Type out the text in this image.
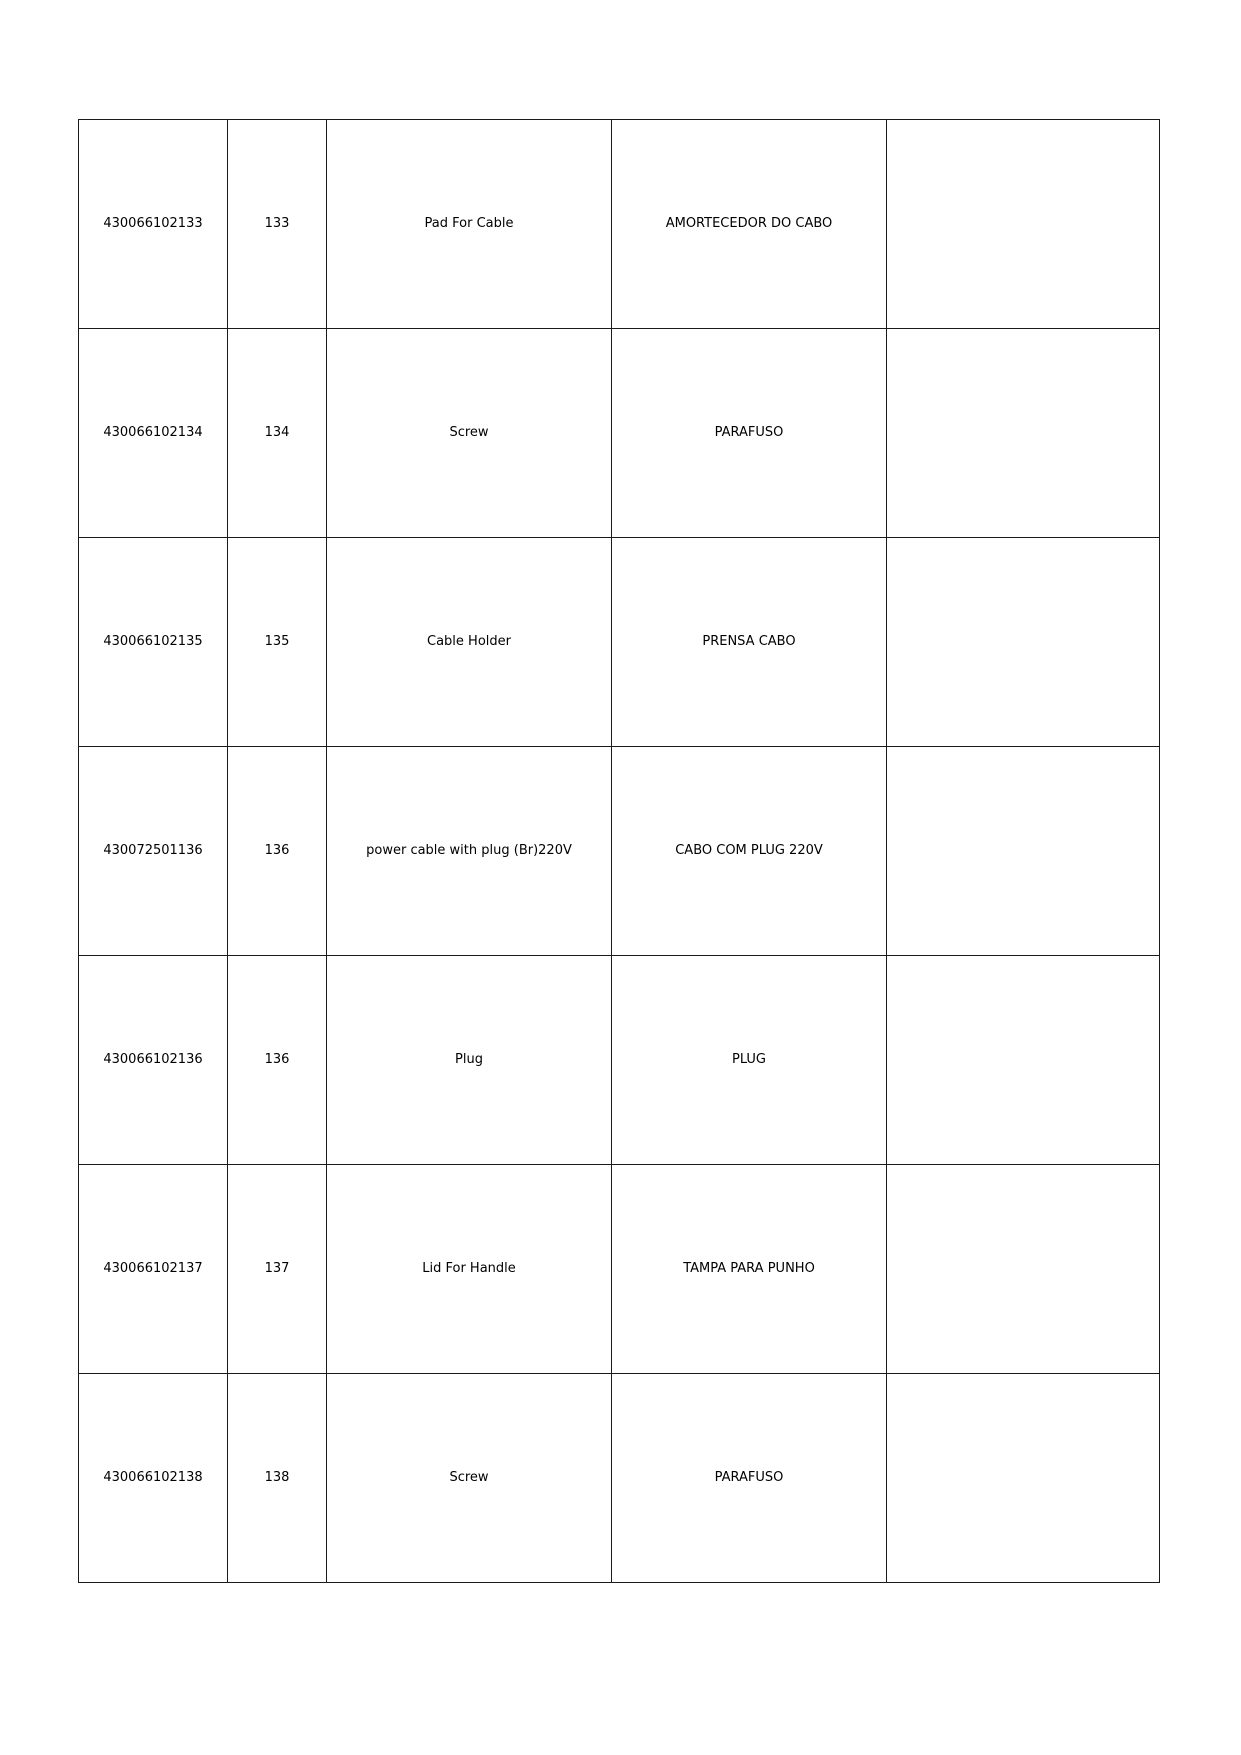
430066102133	133	Pad For Cable	AMORTECEDOR DO CABO	
430066102134	134	Screw	PARAFUSO	
430066102135	135	Cable Holder	PRENSA CABO	
430072501136	136	power cable with plug (Br)220V	CABO COM PLUG 220V	
430066102136	136	Plug	PLUG	
430066102137	137	Lid For Handle	TAMPA PARA PUNHO	
430066102138	138	Screw	PARAFUSO	
